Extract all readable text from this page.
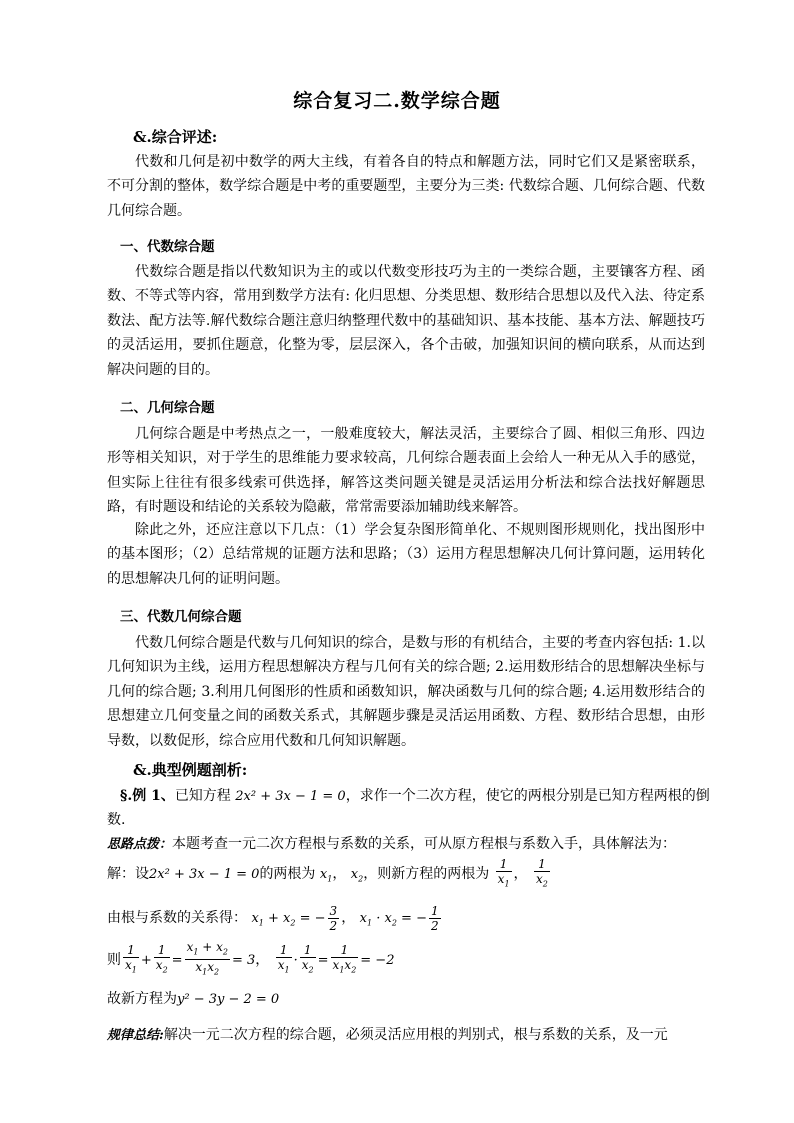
综合复习二.数学综合题
&.综合评述:

代数和几何是初中数学的两大主线，有着各自的特点和解题方法，同时它们又是紧密联系，不可分割的整体，数学综合题是中考的重要题型，主要分为三类: 代数综合题、几何综合题、代数几何综合题。

一、代数综合题

代数综合题是指以代数知识为主的或以代数变形技巧为主的一类综合题，主要镶客方程、函数、不等式等内容，常用到数学方法有: 化归思想、分类思想、数形结合思想以及代入法、待定系数法、配方法等.解代数综合题注意归纳整理代数中的基础知识、基本技能、基本方法、解题技巧的灵活运用，要抓住题意，化整为零，层层深入，各个击破，加强知识间的横向联系，从而达到解决问题的目的。

二、几何综合题

几何综合题是中考热点之一，一般难度较大，解法灵活，主要综合了圆、相似三角形、四边形等相关知识，对于学生的思维能力要求较高，几何综合题表面上会给人一种无从入手的感觉，但实际上往往有很多线索可供选择，解答这类问题关键是灵活运用分析法和综合法找好解题思路，有时题设和结论的关系较为隐蔽，常常需要添加辅助线来解答。

除此之外，还应注意以下几点：（1）学会复杂图形简单化、不规则图形规则化，找出图形中的基本图形；（2）总结常规的证题方法和思路；（3）运用方程思想解决几何计算问题，运用转化的思想解决几何的证明问题。

三、代数几何综合题

代数几何综合题是代数与几何知识的综合，是数与形的有机结合，主要的考查内容包括: 1.以几何知识为主线，运用方程思想解决方程与几何有关的综合题; 2.运用数形结合的思想解决坐标与几何的综合题; 3.利用几何图形的性质和函数知识，解决函数与几何的综合题; 4.运用数形结合的思想建立几何变量之间的函数关系式，其解题步骤是灵活运用函数、方程、数形结合思想，由形导数，以数促形，综合应用代数和几何知识解题。

&.典型例题剖析:
§.例 1、已知方程 2x² + 3x − 1 = 0，求作一个二次方程，使它的两根分别是已知方程两根的倒
数.
思路点拨：本题考查一元二次方程根与系数的关系，可从原方程根与系数入手，具体解法为：
解：设2x² + 3x − 1 = 0的两根为 $x_1$， $x_2$，则新方程的两根为 $\frac{1}{x_1}$ ， $\frac{1}{x_2}$
由根与系数的关系得： $x_1 + x_2$ = − $\frac{3}{2}$ ， $x_1 \cdot x_2$ = − $\frac{1}{2}$
则 $\frac{1}{x_1} + \frac{1}{x_2} = \frac{x_1 + x_2}{x_1x_2} = 3$， $\frac{1}{x_1} \cdot \frac{1}{x_2} = \frac{1}{x_1x_2} = -2$
故新方程为y² − 3y − 2 = 0
规律总结:解决一元二次方程的综合题，必须灵活应用根的判别式，根与系数的关系，及一元
